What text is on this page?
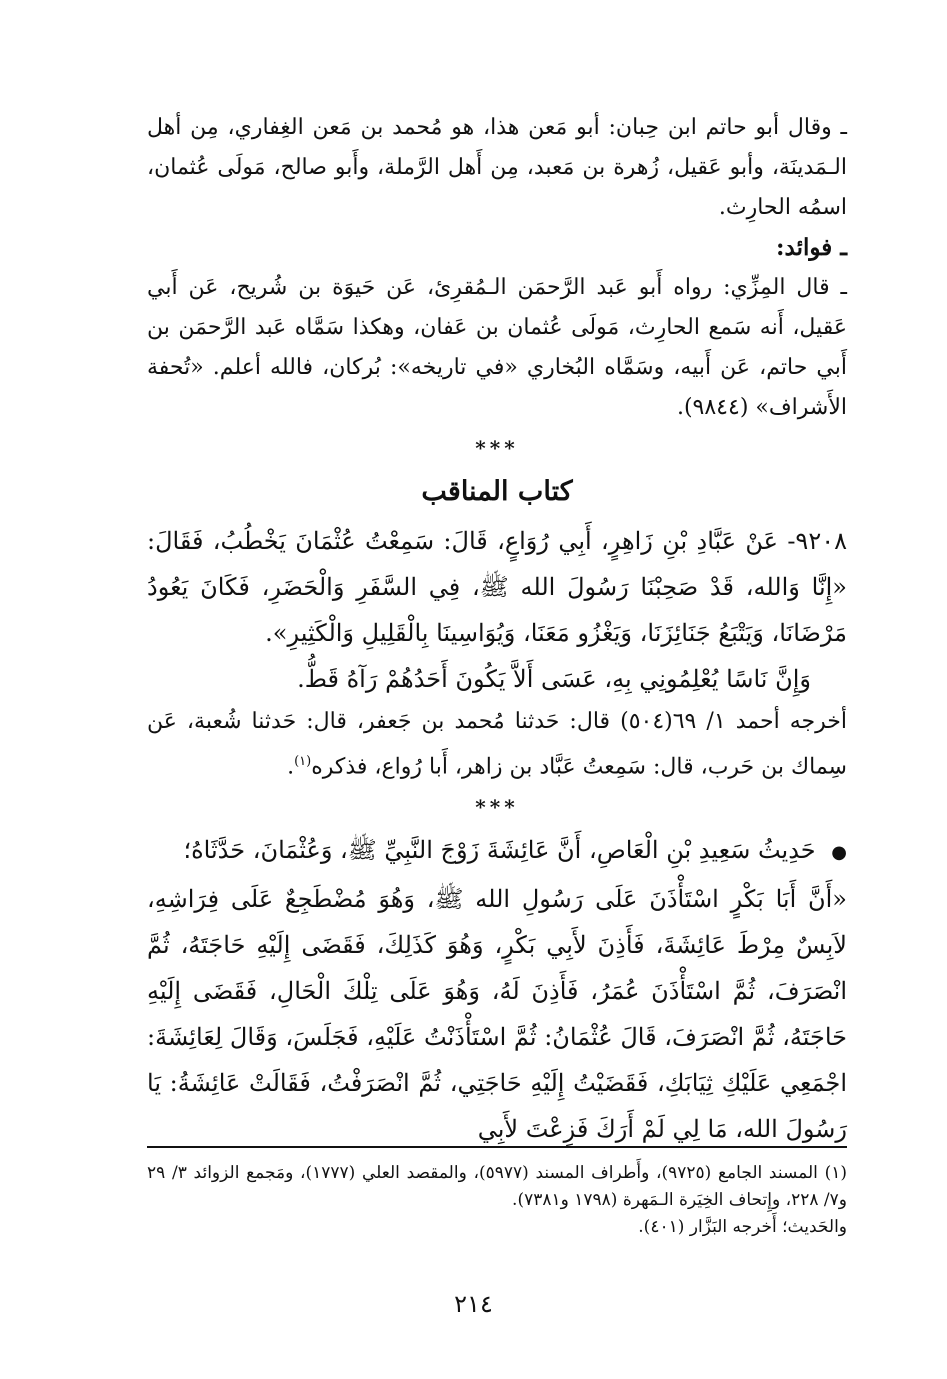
ـ وقال أبو حاتم ابن حِبان: أبو مَعن هذا، هو مُحمد بن مَعن الغِفاري، مِن أهل الـمَدينَة، وأبو عَقيل، زُهرة بن مَعبد، مِن أَهل الرَّملة، وأَبو صالح، مَولَى عُثمان، اسمُه الحارِث.

ـ فوائد:

ـ قال المِزِّي: رواه أَبو عَبد الرَّحمَن الـمُقرِئ، عَن حَيوَة بن شُريح، عَن أَبي عَقيل، أَنه سَمع الحارِث، مَولَى عُثمان بن عَفان، وهكذا سَمَّاه عَبد الرَّحمَن بن أَبي حاتم، عَن أَبيه، وسَمَّاه البُخاري «في تاريخه»: بُركان، فالله أعلم. «تُحفة الأَشراف» (٩٨٤٤).

***

كتاب المناقب

٩٢٠٨- عَنْ عَبَّادِ بْنِ زَاهِرٍ، أَبِي رُوَاعٍ، قَالَ: سَمِعْتُ عُثْمَانَ يَخْطُبُ، فَقَالَ: «إِنَّا وَالله، قَدْ صَحِبْنَا رَسُولَ الله ﷺ، فِي السَّفَرِ وَالْحَضَرِ، فَكَانَ يَعُودُ مَرْضَانَا، وَيَتْبَعُ جَنَائِزَنَا، وَيَغْزُو مَعَنَا، وَيُوَاسِينَا بِالْقَلِيلِ وَالْكَثِيرِ».

وَإِنَّ نَاسًا يُعْلِمُونِي بِهِ، عَسَى أَلاَّ يَكُونَ أَحَدُهُمْ رَآهُ قَطُّ.

أخرجه أحمد ١/ ٦٩(٥٠٤) قال: حَدثنا مُحمد بن جَعفر، قال: حَدثنا شُعبة، عَن سِماك بن حَرب، قال: سَمِعتُ عَبَّاد بن زاهر، أَبا رُواع، فذكره$^{(١)}$.

***

● حَدِيثُ سَعِيدِ بْنِ الْعَاصِ، أَنَّ عَائِشَةَ زَوْجَ النَّبِيِّ ﷺ، وَعُثْمَانَ، حَدَّثَاهُ؛

«أَنَّ أَبَا بَكْرٍ اسْتَأْذَنَ عَلَى رَسُولِ الله ﷺ، وَهُوَ مُضْطَجِعٌ عَلَى فِرَاشِهِ، لاَبِسٌ مِرْطَ عَائِشَةَ، فَأَذِنَ لأَبِي بَكْرٍ، وَهُوَ كَذَلِكَ، فَقَضَى إِلَيْهِ حَاجَتَهُ، ثُمَّ انْصَرَفَ، ثُمَّ اسْتَأْذَنَ عُمَرُ، فَأَذِنَ لَهُ، وَهُوَ عَلَى تِلْكَ الْحَالِ، فَقَضَى إِلَيْهِ حَاجَتَهُ، ثُمَّ انْصَرَفَ، قَالَ عُثْمَانُ: ثُمَّ اسْتَأْذَنْتُ عَلَيْهِ، فَجَلَسَ، وَقَالَ لِعَائِشَةَ: اجْمَعِي عَلَيْكِ ثِيَابَكِ، فَقَضَيْتُ إِلَيْهِ حَاجَتِي، ثُمَّ انْصَرَفْتُ، فَقَالَتْ عَائِشَةُ: يَا رَسُولَ الله، مَا لِي لَمْ أَرَكَ فَزِعْتَ لأَبِي

(١) المسند الجامع (٩٧٢٥)، وأَطراف المسند (٥٩٧٧)، والمقصد العلي (١٧٧٧)، ومَجمع الزوائد ٣/ ٢٩ و٧/ ٢٢٨، وإِتحاف الخِيَرة الـمَهرة (١٧٩٨ و٧٣٨١).

والحَديث؛ أَخرجه البَزَّار (٤٠١).

٢١٤
